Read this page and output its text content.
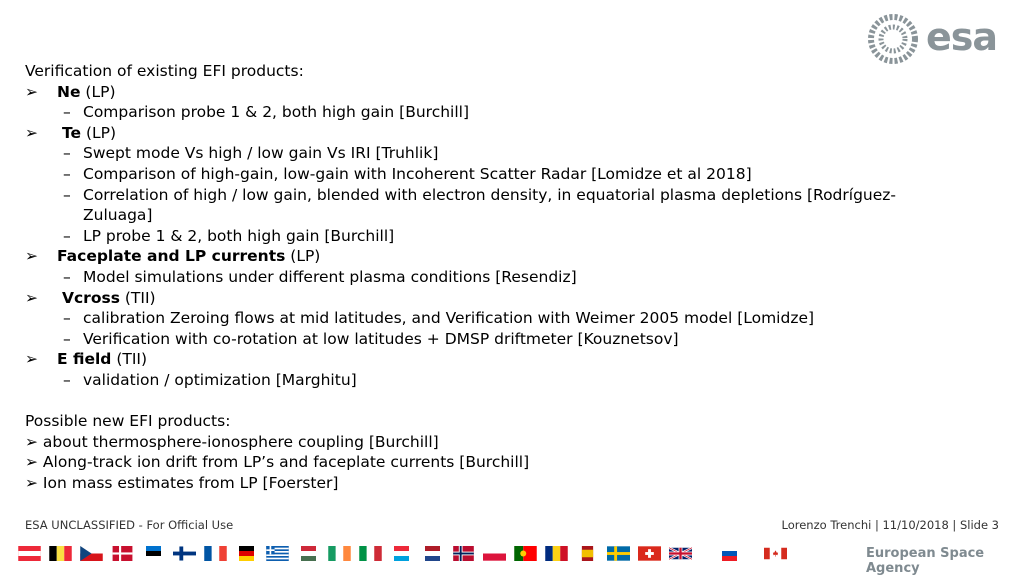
esa
Verification of existing EFI products:
➢ Ne (LP)
– Comparison probe 1 & 2, both high gain [Burchill]
➢ Te (LP)
– Swept mode Vs high / low gain Vs IRI [Truhlik]
– Comparison of high-gain, low-gain with Incoherent Scatter Radar [Lomidze et al 2018]
– Correlation of high / low gain, blended with electron density, in equatorial plasma depletions [Rodríguez-
Zuluaga]
– LP probe 1 & 2, both high gain [Burchill]
➢ Faceplate and LP currents (LP)
– Model simulations under different plasma conditions [Resendiz]
➢ Vcross (TII)
– calibration Zeroing flows at mid latitudes, and Verification with Weimer 2005 model [Lomidze]
– Verification with co-rotation at low latitudes + DMSP driftmeter [Kouznetsov]
➢ E field (TII)
– validation / optimization [Marghitu]
Possible new EFI products:
➢ about thermosphere-ionosphere coupling [Burchill]
➢ Along-track ion drift from LP’s and faceplate currents [Burchill]
➢ Ion mass estimates from LP [Foerster]
ESA UNCLASSIFIED - For Official Use	Lorenzo Trenchi | 11/10/2018 | Slide 3
European Space Agency
